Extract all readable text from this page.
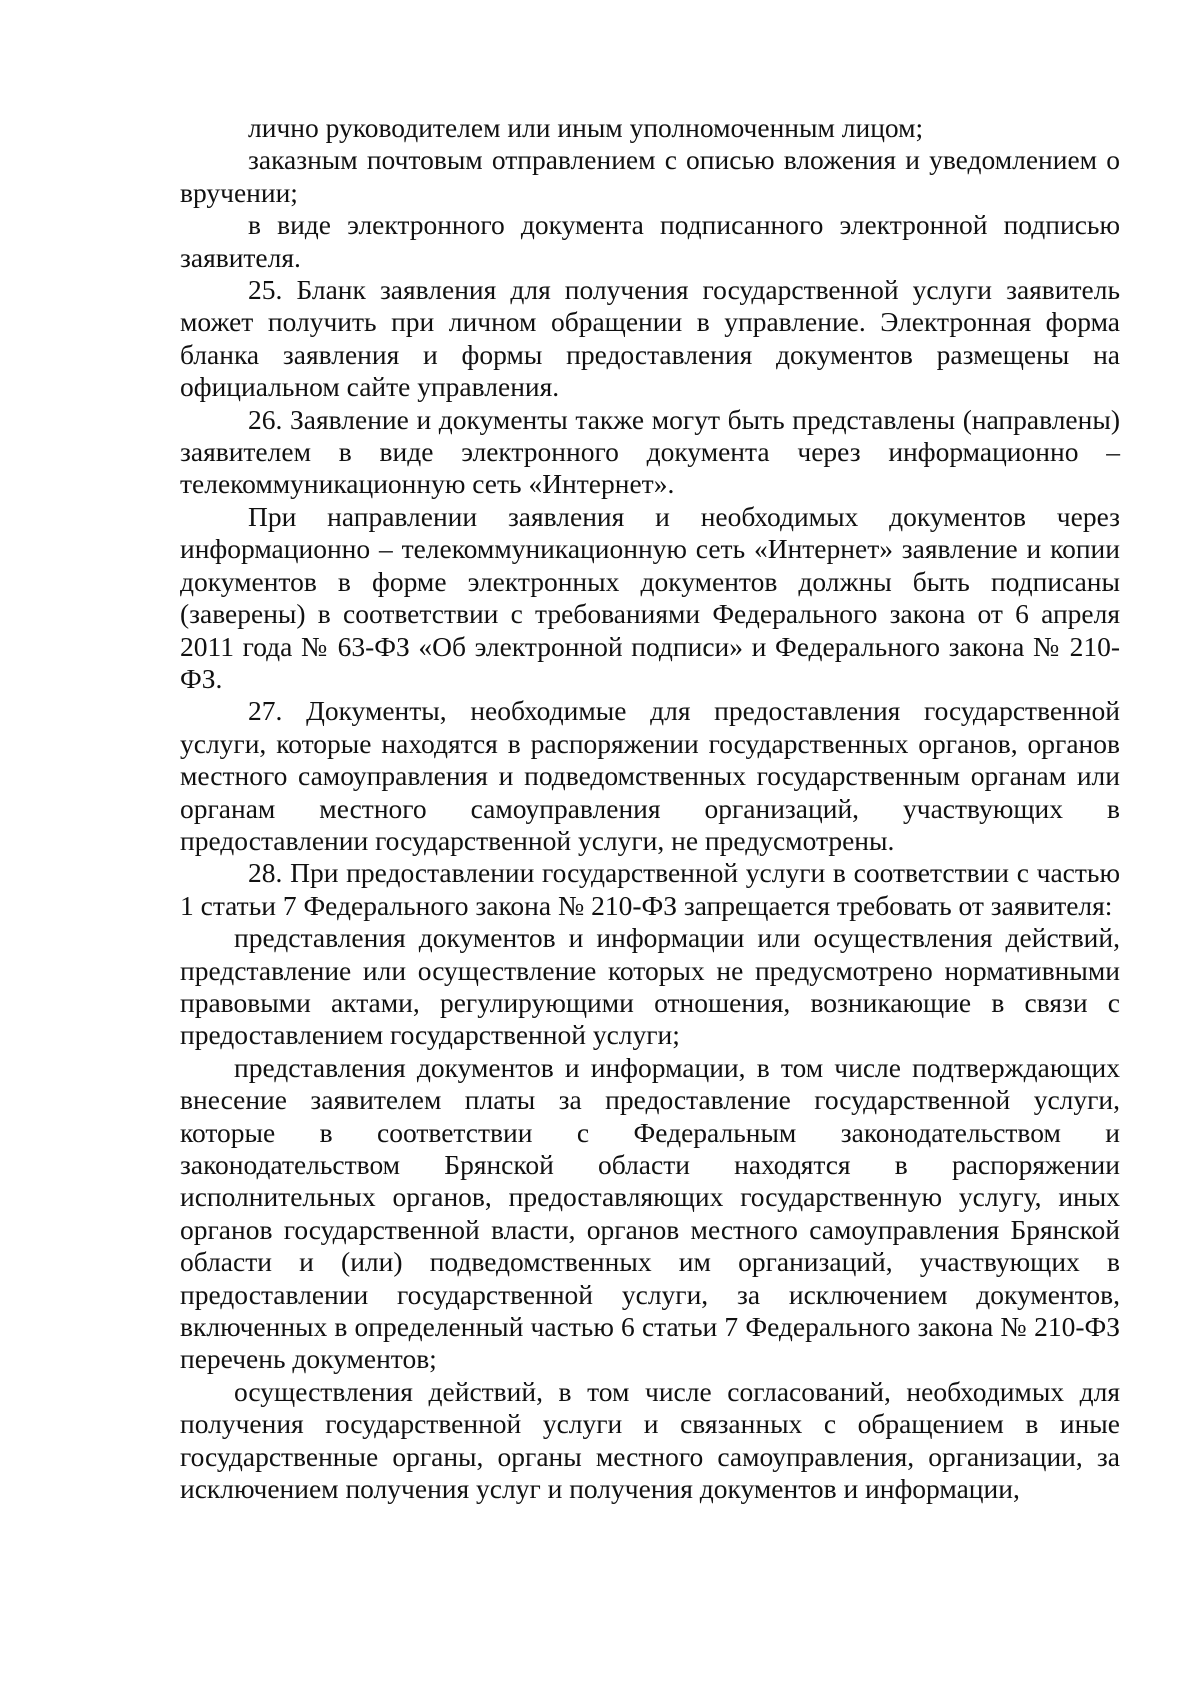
лично руководителем или иным уполномоченным лицом;

заказным почтовым отправлением с описью вложения и уведомлением о вручении;

в виде электронного документа подписанного электронной подписью заявителя.

25. Бланк заявления для получения государственной услуги заявитель может получить при личном обращении в управление. Электронная форма бланка заявления и формы предоставления документов размещены на официальном сайте управления.

26. Заявление и документы также могут быть представлены (направлены) заявителем в виде электронного документа через информационно – телекоммуникационную сеть «Интернет».

При направлении заявления и необходимых документов через информационно – телекоммуникационную сеть «Интернет» заявление и копии документов в форме электронных документов должны быть подписаны (заверены) в соответствии с требованиями Федерального закона от 6 апреля 2011 года № 63-ФЗ «Об электронной подписи» и Федерального закона № 210-ФЗ.

27. Документы, необходимые для предоставления государственной услуги, которые находятся в распоряжении государственных органов, органов местного самоуправления и подведомственных государственным органам или органам местного самоуправления организаций, участвующих в предоставлении государственной услуги, не предусмотрены.

28. При предоставлении государственной услуги в соответствии с частью 1 статьи 7 Федерального закона № 210-ФЗ запрещается требовать от заявителя:

представления документов и информации или осуществления действий, представление или осуществление которых не предусмотрено нормативными правовыми актами, регулирующими отношения, возникающие в связи с предоставлением государственной услуги;

представления документов и информации, в том числе подтверждающих внесение заявителем платы за предоставление государственной услуги, которые в соответствии с Федеральным законодательством и законодательством Брянской области находятся в распоряжении исполнительных органов, предоставляющих государственную услугу, иных органов государственной власти, органов местного самоуправления Брянской области и (или) подведомственных им организаций, участвующих в предоставлении государственной услуги, за исключением документов, включенных в определенный частью 6 статьи 7 Федерального закона № 210-ФЗ перечень документов;

осуществления действий, в том числе согласований, необходимых для получения государственной услуги и связанных с обращением в иные государственные органы, органы местного самоуправления, организации, за исключением получения услуг и получения документов и информации,
